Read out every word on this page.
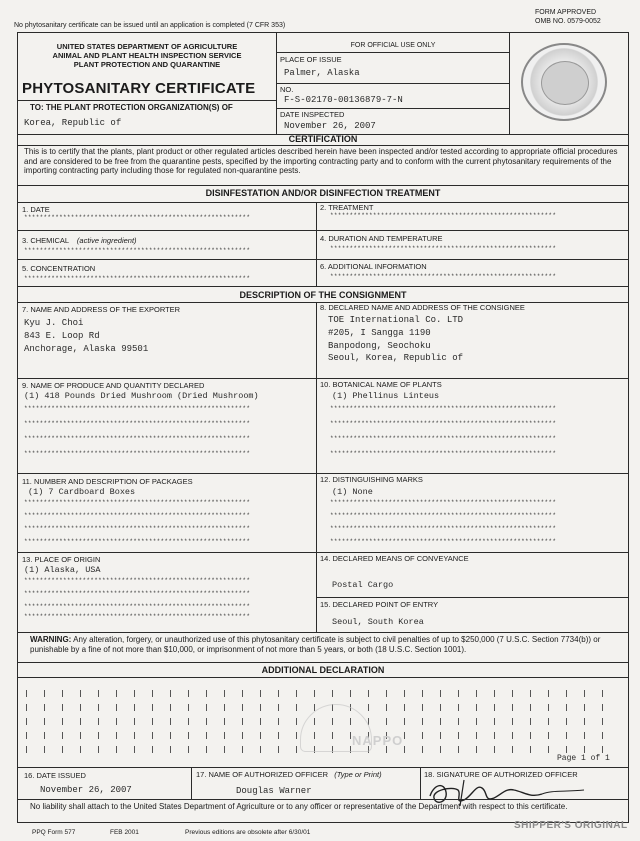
No phytosanitary certificate can be issued until an application is completed (7 CFR 353)
FORM APPROVED
OMB NO. 0579-0052
UNITED STATES DEPARTMENT OF AGRICULTURE
ANIMAL AND PLANT HEALTH INSPECTION SERVICE
PLANT PROTECTION AND QUARANTINE
PHYTOSANITARY CERTIFICATE
TO: THE PLANT PROTECTION ORGANIZATION(S) OF
Korea, Republic of
FOR OFFICIAL USE ONLY
PLACE OF ISSUE
Palmer, Alaska
NO.
F-S-02170-00136879-7-N
DATE INSPECTED
November 26, 2007
CERTIFICATION
This is to certify that the plants, plant product or other regulated articles described herein have been inspected and/or tested according to appropriate official procedures and are considered to be free from the quarantine pests, specified by the importing contracting party and to conform with the current phytosanitary requirements of the importing contracting party including those for regulated non-quarantine pests.
DISINFESTATION AND/OR DISINFECTION TREATMENT
1. DATE
**********************************************************
2. TREATMENT
**********************************************************
3. CHEMICAL (active ingredient)
**********************************************************
4. DURATION AND TEMPERATURE
**********************************************************
5. CONCENTRATION
**********************************************************
6. ADDITIONAL INFORMATION
**********************************************************
DESCRIPTION OF THE CONSIGNMENT
7. NAME AND ADDRESS OF THE EXPORTER
Kyu J. Choi
843 E. Loop Rd
Anchorage, Alaska 99501
8. DECLARED NAME AND ADDRESS OF THE CONSIGNEE
TOE International Co. LTD
#205, I Sangga 1190
Banpodong, Seochoku
Seoul, Korea, Republic of
9. NAME OF PRODUCE AND QUANTITY DECLARED
(1) 418 Pounds Dried Mushroom (Dried Mushroom)
**********************************************************
**********************************************************
**********************************************************
**********************************************************
10. BOTANICAL NAME OF PLANTS
(1) Phellinus Linteus
**********************************************************
**********************************************************
**********************************************************
**********************************************************
11. NUMBER AND DESCRIPTION OF PACKAGES
(1) 7 Cardboard Boxes
**********************************************************
**********************************************************
**********************************************************
**********************************************************
12. DISTINGUISHING MARKS
(1) None
**********************************************************
**********************************************************
**********************************************************
**********************************************************
13. PLACE OF ORIGIN
(1) Alaska, USA
**********************************************************
**********************************************************
**********************************************************
**********************************************************
14. DECLARED MEANS OF CONVEYANCE
Postal Cargo
15. DECLARED POINT OF ENTRY
Seoul, South Korea
WARNING: Any alteration, forgery, or unauthorized use of this phytosanitary certificate is subject to civil penalties of up to $250,000 (7 U.S.C. Section 7734(b)) or punishable by a fine of not more than $10,000, or imprisonment of not more than 5 years, or both (18 U.S.C. Section 1001).
ADDITIONAL DECLARATION
NAPPO
Page 1 of 1
16. DATE ISSUED
November 26, 2007
17. NAME OF AUTHORIZED OFFICER (Type or Print)
Douglas Warner
18. SIGNATURE OF AUTHORIZED OFFICER
No liability shall attach to the United States Department of Agriculture or to any officer or representative of the Department with respect to this certificate.
PPQ Form 577	FEB 2001	Previous editions are obsolete after 6/30/01
SHIPPER'S ORIGINAL
